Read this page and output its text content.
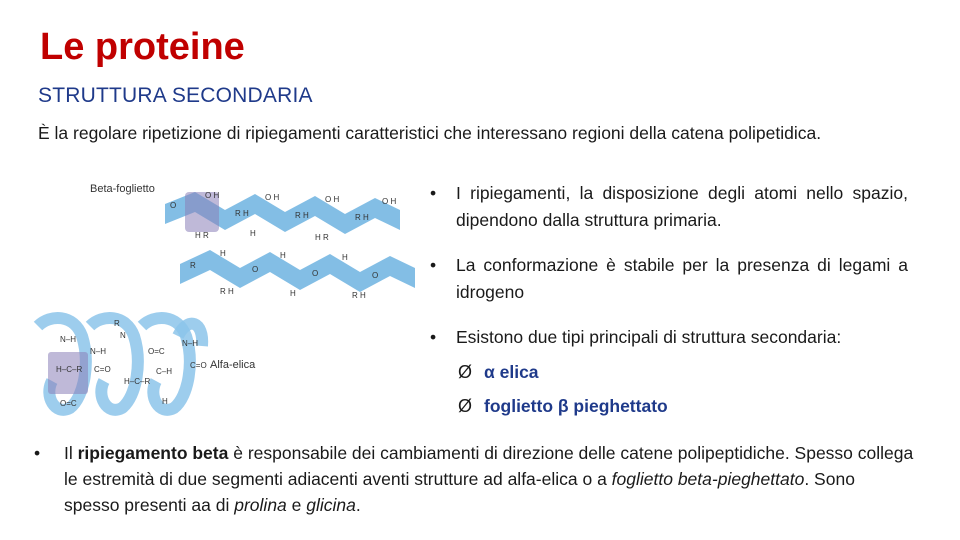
Le proteine
STRUTTURA SECONDARIA
È la regolare ripetizione di ripiegamenti caratteristici che interessano regioni della catena polipetidica.
Beta-foglietto
O
O H
R H
O H
R H
O H
R H
O H
H R	H	H R
R
H
O
H
O
H
O
R H	H	R H
N–H
H–C–R
N–H
C=O
R
N
H–C–R
O=C
C–H
H
N–H
C=O
O=C
Alfa-elica
• I ripiegamenti, la disposizione degli atomi nello spazio, dipendono dalla struttura primaria.
• La conformazione è stabile per la presenza di legami a idrogeno
• Esistono due tipi principali di struttura secondaria:
Ø α elica
Ø foglietto β pieghettato
•	Il ripiegamento beta è responsabile dei cambiamenti di direzione delle catene polipeptidiche. Spesso collega le estremità di due segmenti adiacenti aventi strutture ad alfa-elica o a foglietto beta-pieghettato. Sono spesso presenti aa di prolina e glicina.
